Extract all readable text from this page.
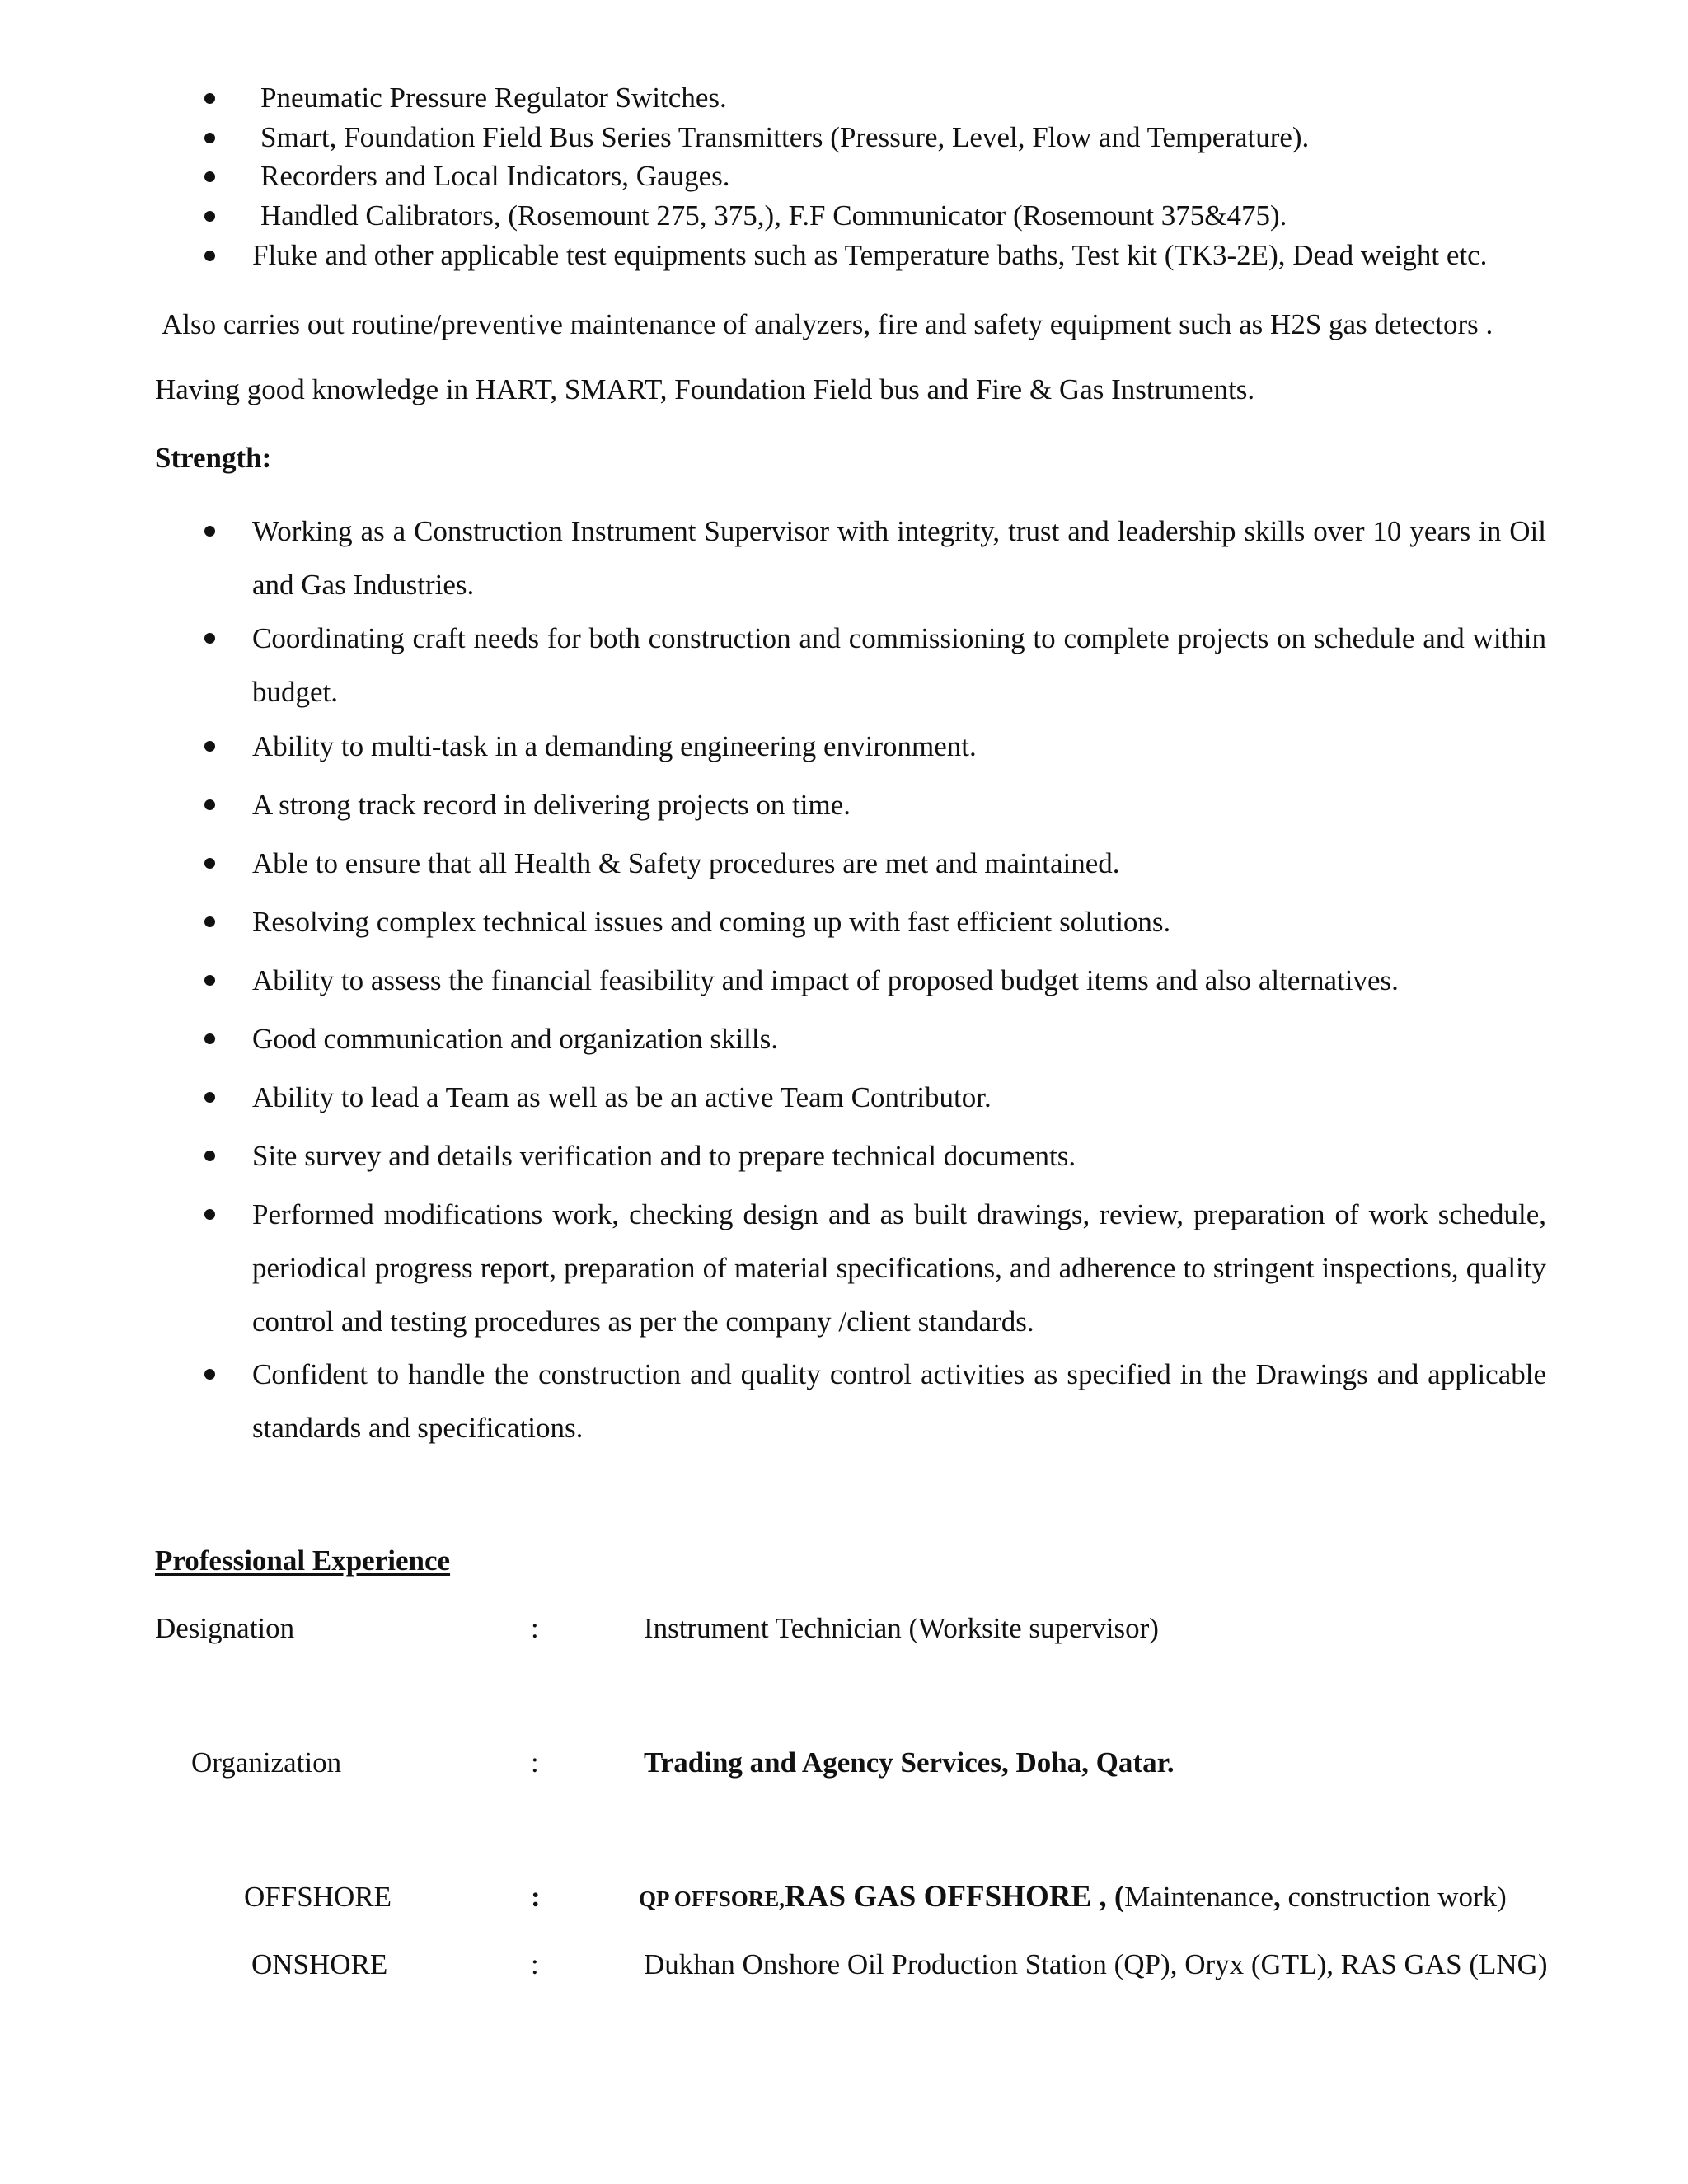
Pneumatic Pressure Regulator Switches.
Smart, Foundation Field Bus Series Transmitters (Pressure, Level, Flow and Temperature).
Recorders and Local Indicators, Gauges.
Handled Calibrators, (Rosemount 275, 375,), F.F Communicator (Rosemount 375&475).
Fluke and other applicable test equipments such as Temperature baths, Test kit (TK3-2E), Dead weight etc.
Also carries out routine/preventive maintenance of analyzers, fire and safety equipment such as H2S gas detectors .
Having good knowledge in HART, SMART, Foundation Field bus and Fire & Gas Instruments.
Strength:
Working as a Construction Instrument Supervisor with integrity, trust and leadership skills over 10 years in Oil and Gas Industries.
Coordinating craft needs for both construction and commissioning to complete projects on schedule and within budget.
Ability to multi-task in a demanding engineering environment.
A strong track record in delivering projects on time.
Able to ensure that all Health & Safety procedures are met and maintained.
Resolving complex technical issues and coming up with fast efficient solutions.
Ability to assess the financial feasibility and impact of proposed budget items and also alternatives.
Good communication and organization skills.
Ability to lead a Team as well as be an active Team Contributor.
Site survey and details verification and to prepare technical documents.
Performed modifications work, checking design and as built drawings, review, preparation of work schedule, periodical progress report, preparation of material specifications, and adherence to stringent inspections, quality control and testing procedures as per the company /client standards.
Confident to handle the construction and quality control activities as specified in the Drawings and applicable standards and specifications.
Professional Experience
Designation	:	Instrument Technician (Worksite supervisor)
Organization	:	Trading and Agency Services, Doha, Qatar.
OFFSHORE	:	QP OFFSORE,RAS GAS OFFSHORE , (Maintenance, construction work)
ONSHORE	:	Dukhan Onshore Oil Production Station (QP), Oryx (GTL), RAS GAS (LNG)
